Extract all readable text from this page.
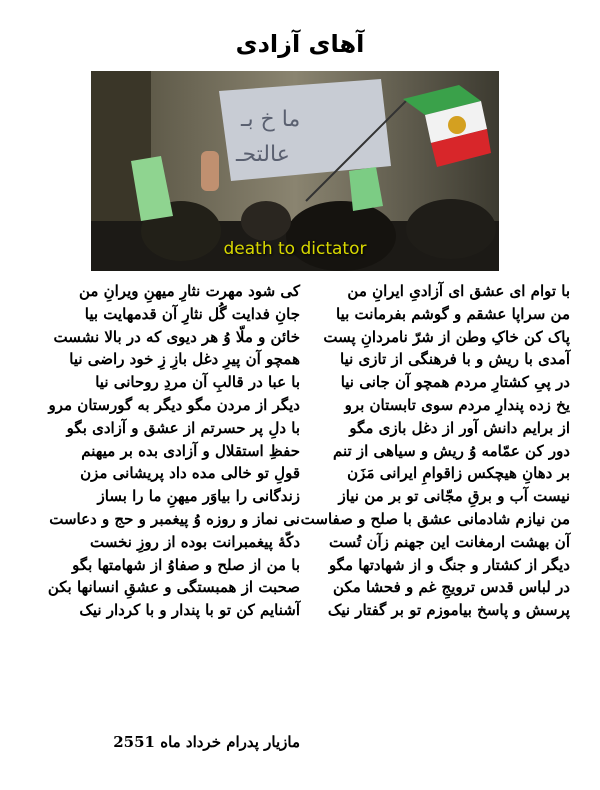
آهای آزادی
ما خ بـ
عالتحـ
death to dictator
با توام ای عشق ای آزادیِ ایرانِ من
من سراپا عشقم و گوشم بفرمانت بیا
پاک کن خاکِ وطن از شرّ نامردانِ پست
آمدی با ریش و با فرهنگی از تازی نیا
در پیِ کشتارِ مردم همچو آن جانی نیا
یخ زده پندارِ مردم سوی تابستان برو
از برایم دانش آور از دغل بازی مگو
دور کن عمّامه وُ ریش و سیاهی از تنم
بر دهانِ هیچکس زاقوامِ ایرانی مَزَن
نیست آب و برقِ مجّانی تو بر من نیاز
من نیازم شادمانی عشق با صلح و صفاست
آن بهشت ارمغانت این جهنم زآن تُست
دیگر از کشتار و جنگ و از شهادتها مگو
در لباس قدس ترویجِ غم و فحشا مکن
پرسش و پاسخ بیاموزم تو بر گفتار نیک
کی شود مهرت نثارِ میهنِ ویرانِ من
جانِ فدایت گُل نثارِ آن قدمهایت بیا
خائن و ملّا وُ هر دیوی که در بالا نشست
همچو آن پیرِ دغل بازِ زِ خود راضی نیا
با عبا در قالبِ آن مردِ روحانی نیا
دیگر از مردن مگو دیگر به گورستان مرو
با دلِ پر حسرتم از عشق و آزادی بگو
حفظِ استقلال و آزادی بده بر میهنم
قولِ تو خالی مده داد پریشانی مزن
زندگانی را بیاوَر میهنِ ما را بساز
نی نماز و روزه وُ پیغمبر و حج و دعاست
دکّهٔ پیغمبرانت بوده از روزِ نخست
با من از صلح و صفاوُ از شهامتها بگو
صحبت از همبستگی و عشقِ انسانها بکن
آشنایم کن تو با پندار و با کردار نیک
مازیار پدرام خرداد ماه 2551
